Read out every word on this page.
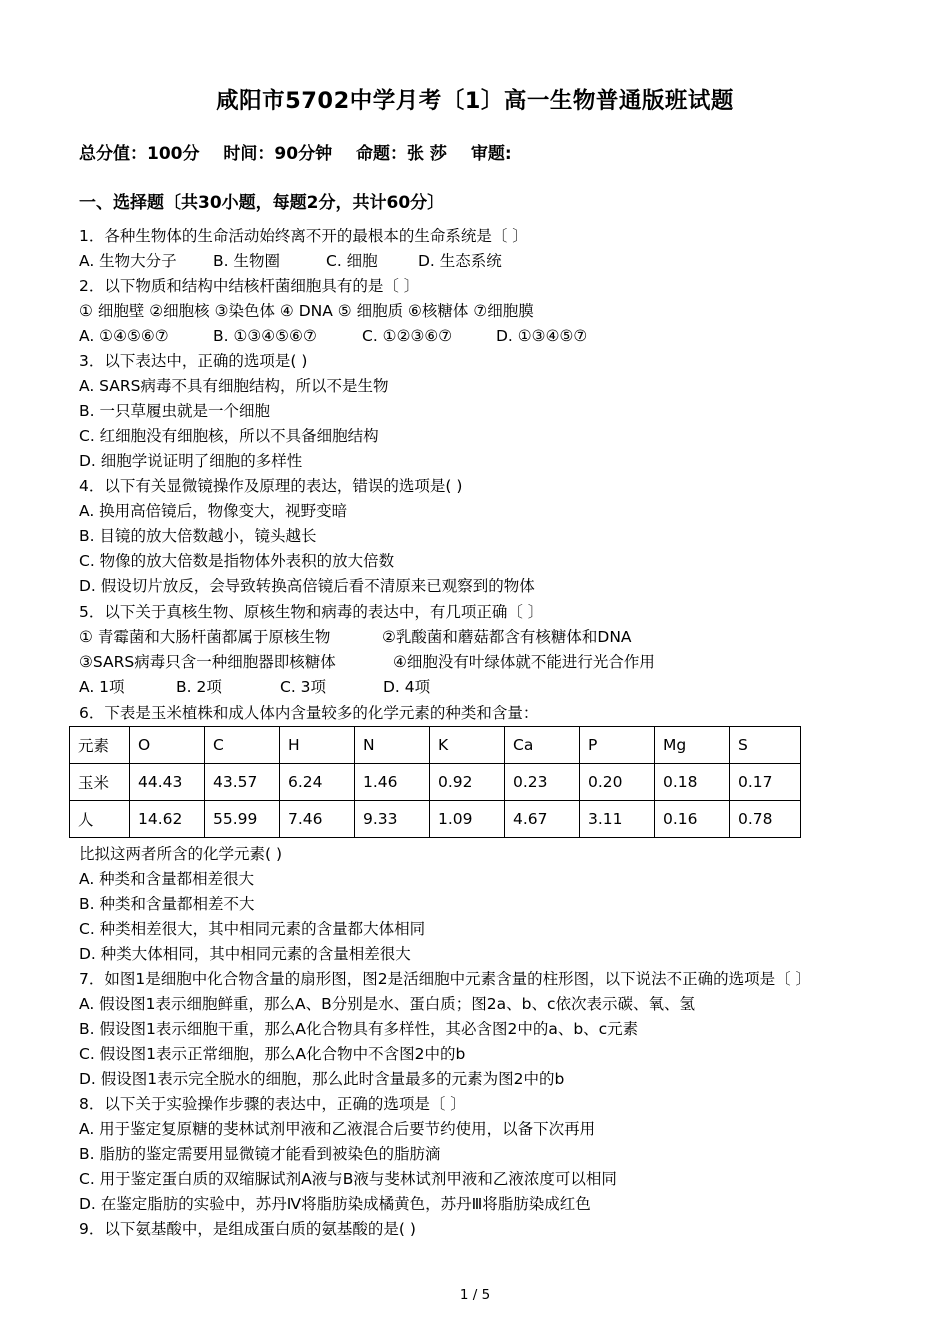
咸阳市5702中学月考〔1〕高一生物普通版班试题
总分值：100分 时间：90分钟 命题：张 莎 审题:
一、选择题〔共30小题，每题2分，共计60分〕
1．各种生物体的生命活动始终离不开的最根本的生命系统是〔 〕
A. 生物大分子 B. 生物圈	C. 细胞	D. 生态系统
2．以下物质和结构中结核杆菌细胞具有的是〔 〕
① 细胞壁 ②细胞核 ③染色体 ④ DNA ⑤ 细胞质 ⑥核糖体 ⑦细胞膜
A. ①④⑤⑥⑦	B. ①③④⑤⑥⑦	C. ①②③⑥⑦	D. ①③④⑤⑦
3．以下表达中，正确的选项是( )
A. SARS病毒不具有细胞结构，所以不是生物
B. 一只草履虫就是一个细胞
C. 红细胞没有细胞核，所以不具备细胞结构
D. 细胞学说证明了细胞的多样性
4．以下有关显微镜操作及原理的表达，错误的选项是( )
A. 换用高倍镜后，物像变大，视野变暗
B. 目镜的放大倍数越小，镜头越长
C. 物像的放大倍数是指物体外表积的放大倍数
D. 假设切片放反，会导致转换高倍镜后看不清原来已观察到的物体
5．以下关于真核生物、原核生物和病毒的表达中，有几项正确〔 〕
① 青霉菌和大肠杆菌都属于原核生物	②乳酸菌和蘑菇都含有核糖体和DNA
③SARS病毒只含一种细胞器即核糖体	④细胞没有叶绿体就不能进行光合作用
A. 1项	B. 2项	C. 3项	D. 4项
6．下表是玉米植株和成人体内含量较多的化学元素的种类和含量：
元素	O	C	H	N	K	Ca	P	Mg	S
玉米	44.43	43.57	6.24	1.46	0.92	0.23	0.20	0.18	0.17
人	14.62	55.99	7.46	9.33	1.09	4.67	3.11	0.16	0.78
比拟这两者所含的化学元素( )
A. 种类和含量都相差很大
B. 种类和含量都相差不大
C. 种类相差很大，其中相同元素的含量都大体相同
D. 种类大体相同，其中相同元素的含量相差很大
7．如图1是细胞中化合物含量的扇形图，图2是活细胞中元素含量的柱形图，以下说法不正确的选项是〔 〕
A. 假设图1表示细胞鲜重，那么A、B分别是水、蛋白质；图2a、b、c依次表示碳、氧、氢
B. 假设图1表示细胞干重，那么A化合物具有多样性，其必含图2中的a、b、c元素
C. 假设图1表示正常细胞，那么A化合物中不含图2中的b
D. 假设图1表示完全脱水的细胞，那么此时含量最多的元素为图2中的b
8．以下关于实验操作步骤的表达中，正确的选项是〔 〕
A. 用于鉴定复原糖的斐林试剂甲液和乙液混合后要节约使用，以备下次再用
B. 脂肪的鉴定需要用显微镜才能看到被染色的脂肪滴
C. 用于鉴定蛋白质的双缩脲试剂A液与B液与斐林试剂甲液和乙液浓度可以相同
D. 在鉴定脂肪的实验中，苏丹Ⅳ将脂肪染成橘黄色，苏丹Ⅲ将脂肪染成红色
9．以下氨基酸中，是组成蛋白质的氨基酸的是( )
1 / 5
